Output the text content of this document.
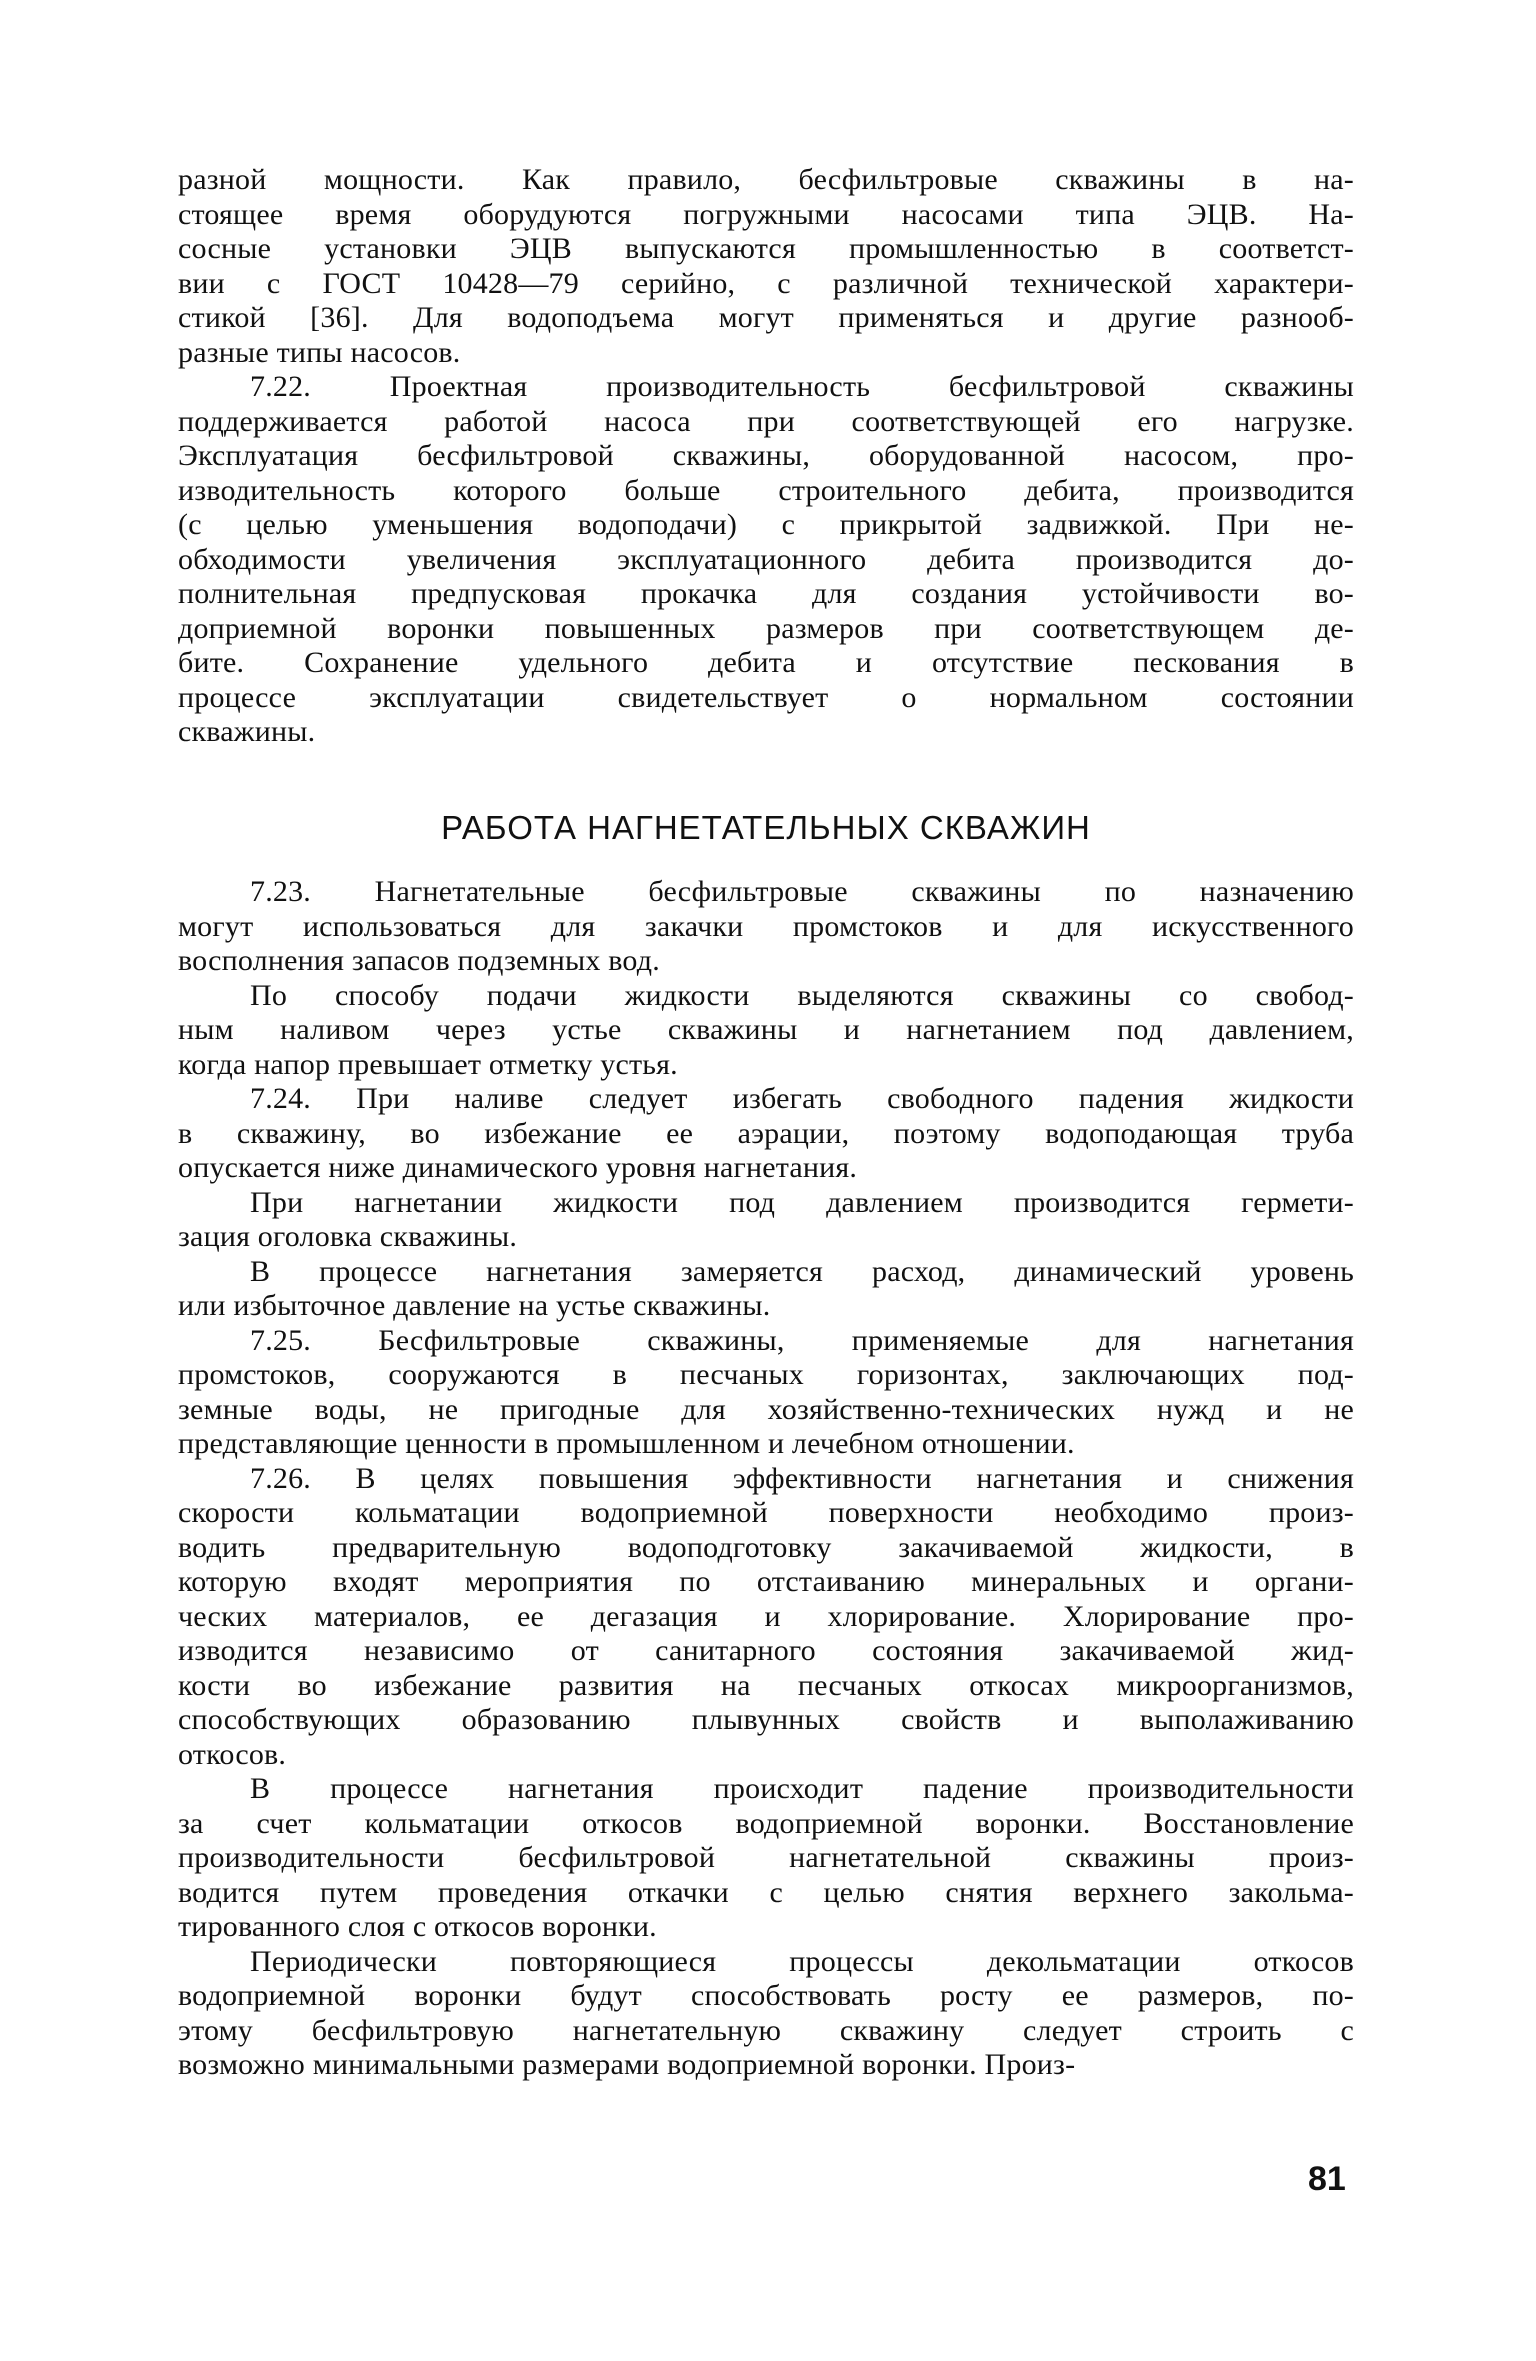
разной мощности. Как правило, бесфильтровые скважины в на-
стоящее время оборудуются погружными насосами типа ЭЦВ. На-
сосные установки ЭЦВ выпускаются промышленностью в соответст-
вии с ГОСТ 10428—79 серийно, с различной технической характери-
стикой [36]. Для водоподъема могут применяться и другие разнооб-
разные типы насосов.
7.22. Проектная производительность бесфильтровой скважины
поддерживается работой насоса при соответствующей его нагрузке.
Эксплуатация бесфильтровой скважины, оборудованной насосом, про-
изводительность которого больше строительного дебита, производится
(с целью уменьшения водоподачи) с прикрытой задвижкой. При не-
обходимости увеличения эксплуатационного дебита производится до-
полнительная предпусковая прокачка для создания устойчивости во-
доприемной воронки повышенных размеров при соответствующем де-
бите. Сохранение удельного дебита и отсутствие пескования в
процессе эксплуатации свидетельствует о нормальном состоянии
скважины.
РАБОТА НАГНЕТАТЕЛЬНЫХ СКВАЖИН
7.23. Нагнетательные бесфильтровые скважины по назначению
могут использоваться для закачки промстоков и для искусственного
восполнения запасов подземных вод.
По способу подачи жидкости выделяются скважины со свобод-
ным наливом через устье скважины и нагнетанием под давлением,
когда напор превышает отметку устья.
7.24. При наливе следует избегать свободного падения жидкости
в скважину, во избежание ее аэрации, поэтому водоподающая труба
опускается ниже динамического уровня нагнетания.
При нагнетании жидкости под давлением производится гермети-
зация оголовка скважины.
В процессе нагнетания замеряется расход, динамический уровень
или избыточное давление на устье скважины.
7.25. Бесфильтровые скважины, применяемые для нагнетания
промстоков, сооружаются в песчаных горизонтах, заключающих под-
земные воды, не пригодные для хозяйственно-технических нужд и не
представляющие ценности в промышленном и лечебном отношении.
7.26. В целях повышения эффективности нагнетания и снижения
скорости кольматации водоприемной поверхности необходимо произ-
водить предварительную водоподготовку закачиваемой жидкости, в
которую входят мероприятия по отстаиванию минеральных и органи-
ческих материалов, ее дегазация и хлорирование. Хлорирование про-
изводится независимо от санитарного состояния закачиваемой жид-
кости во избежание развития на песчаных откосах микроорганизмов,
способствующих образованию плывунных свойств и выполаживанию
откосов.
В процессе нагнетания происходит падение производительности
за счет кольматации откосов водоприемной воронки. Восстановление
производительности бесфильтровой нагнетательной скважины произ-
водится путем проведения откачки с целью снятия верхнего закольма-
тированного слоя с откосов воронки.
Периодически повторяющиеся процессы декольматации откосов
водоприемной воронки будут способствовать росту ее размеров, по-
этому бесфильтровую нагнетательную скважину следует строить с
возможно минимальными размерами водоприемной воронки. Произ-
81
